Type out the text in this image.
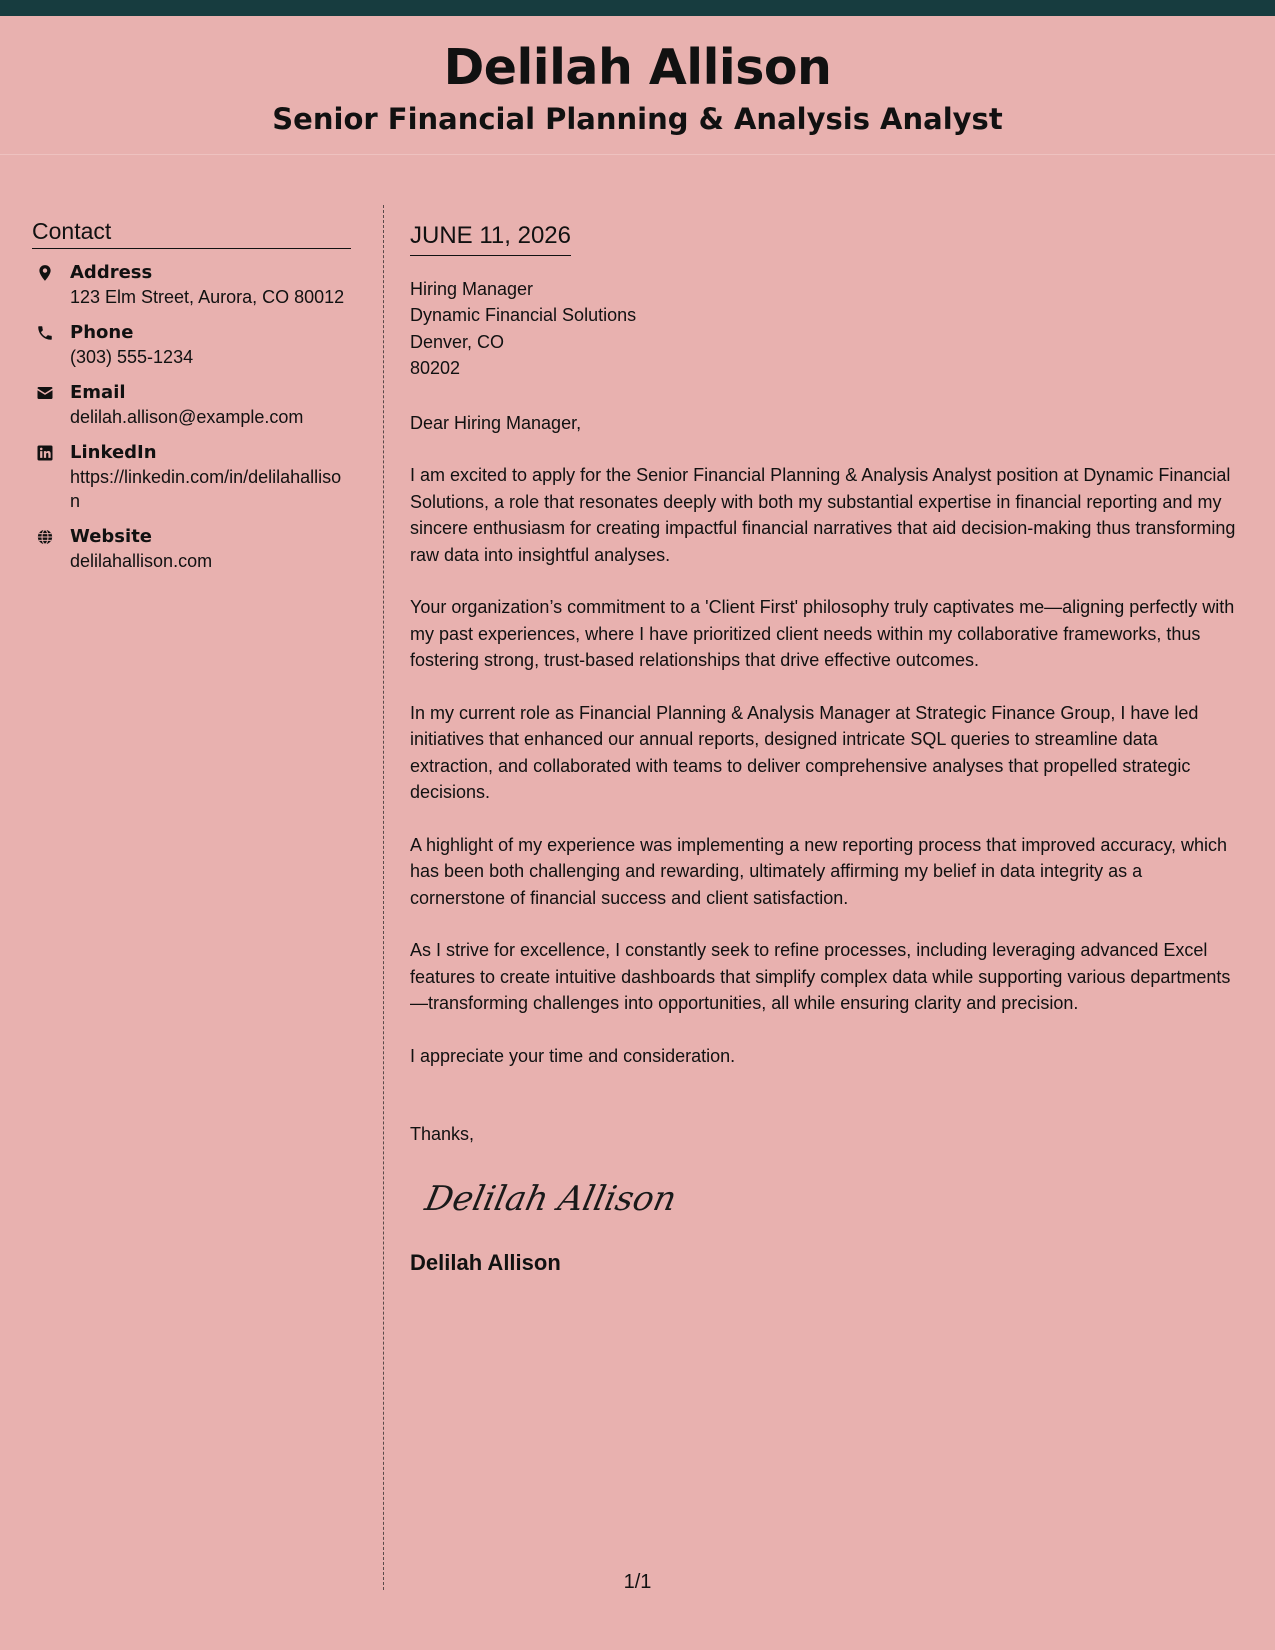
Delilah Allison
Senior Financial Planning & Analysis Analyst
Contact
Address
123 Elm Street, Aurora, CO 80012
Phone
(303) 555-1234
Email
delilah.allison@example.com
LinkedIn
https://linkedin.com/in/delilahallison
Website
delilahallison.com
JUNE 11, 2026
Hiring Manager
Dynamic Financial Solutions
Denver, CO
80202
Dear Hiring Manager,

I am excited to apply for the Senior Financial Planning & Analysis Analyst position at Dynamic Financial Solutions, a role that resonates deeply with both my substantial expertise in financial reporting and my sincere enthusiasm for creating impactful financial narratives that aid decision-making thus transforming raw data into insightful analyses.

Your organization’s commitment to a 'Client First' philosophy truly captivates me—aligning perfectly with my past experiences, where I have prioritized client needs within my collaborative frameworks, thus fostering strong, trust-based relationships that drive effective outcomes.

In my current role as Financial Planning & Analysis Manager at Strategic Finance Group, I have led initiatives that enhanced our annual reports, designed intricate SQL queries to streamline data extraction, and collaborated with teams to deliver comprehensive analyses that propelled strategic decisions.

A highlight of my experience was implementing a new reporting process that improved accuracy, which has been both challenging and rewarding, ultimately affirming my belief in data integrity as a cornerstone of financial success and client satisfaction.

As I strive for excellence, I constantly seek to refine processes, including leveraging advanced Excel features to create intuitive dashboards that simplify complex data while supporting various departments—transforming challenges into opportunities, all while ensuring clarity and precision.

I appreciate your time and consideration.

Thanks,
Delilah Allison
Delilah Allison
1/1
